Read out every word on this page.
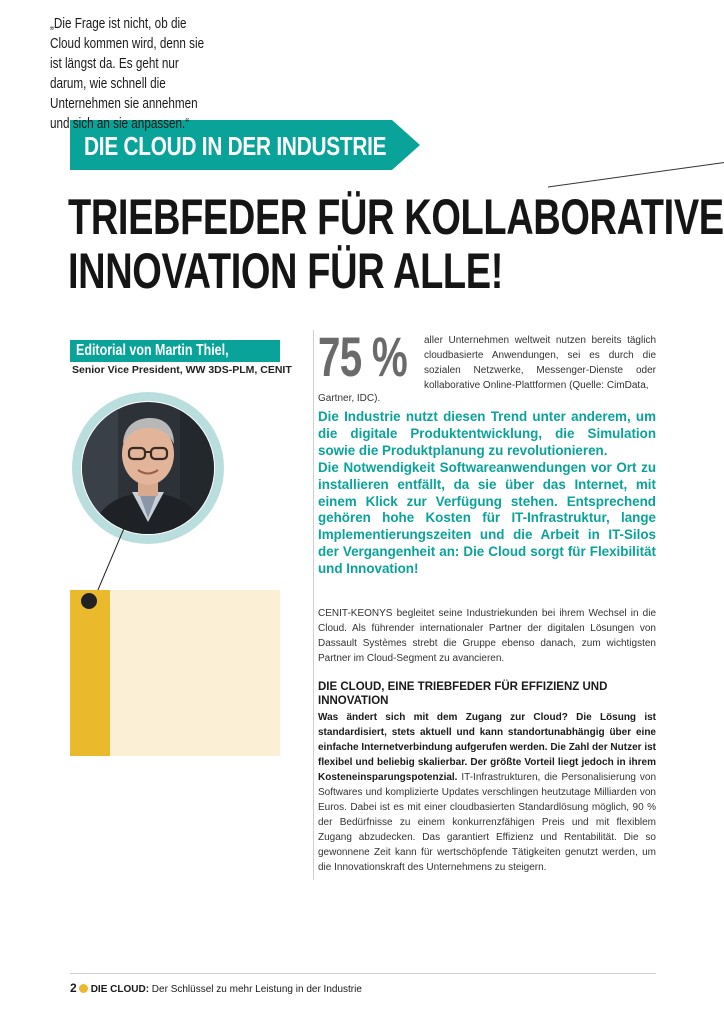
DIE CLOUD IN DER INDUSTRIE
TRIEBFEDER FÜR KOLLABORATIVE
INNOVATION FÜR ALLE!
Editorial von Martin Thiel,
Senior Vice President, WW 3DS-PLM, CENIT
„Die Frage ist nicht, ob die Cloud kommen wird, denn sie ist längst da. Es geht nur darum, wie schnell die Unternehmen sie annehmen und sich an sie anpassen.“
75 % aller Unternehmen weltweit nutzen bereits täglich cloudbasierte Anwendungen, sei es durch die sozialen Netzwerke, Messenger-Dienste oder kollaborative Online-Plattformen (Quelle: CimData,
Gartner, IDC).

Die Industrie nutzt diesen Trend unter anderem, um die digitale Produktentwicklung, die Simulation sowie die Produktplanung zu revolutionieren.

Die Notwendigkeit Softwareanwendungen vor Ort zu installieren entfällt, da sie über das Internet, mit einem Klick zur Verfügung stehen. Entsprechend gehören hohe Kosten für IT-Infrastruktur, lange Implementierungszeiten und die Arbeit in IT-Silos der Vergangenheit an: Die Cloud sorgt für Flexibilität und Innovation!

CENIT-KEONYS begleitet seine Industriekunden bei ihrem Wechsel in die Cloud. Als führender internationaler Partner der digitalen Lösungen von Dassault Systèmes strebt die Gruppe ebenso danach, zum wichtigsten Partner im Cloud-Segment zu avancieren.

DIE CLOUD, EINE TRIEBFEDER FÜR EFFIZIENZ UND INNOVATION

Was ändert sich mit dem Zugang zur Cloud? Die Lösung ist standardisiert, stets aktuell und kann standortunabhängig über eine einfache Internetverbindung aufgerufen werden. Die Zahl der Nutzer ist flexibel und beliebig skalierbar. Der größte Vorteil liegt jedoch in ihrem Kosteneinsparungspotenzial. IT-Infrastrukturen, die Personalisierung von Softwares und komplizierte Updates verschlingen heutzutage Milliarden von Euros. Dabei ist es mit einer cloudbasierten Standardlösung möglich, 90 % der Bedürfnisse zu einem konkurrenzfähigen Preis und mit flexiblem Zugang abzudecken. Das garantiert Effizienz und Rentabilität. Die so gewonnene Zeit kann für wertschöpfende Tätigkeiten genutzt werden, um die Innovationskraft des Unternehmens zu steigern.

2 DIE CLOUD: Der Schlüssel zu mehr Leistung in der Industrie
